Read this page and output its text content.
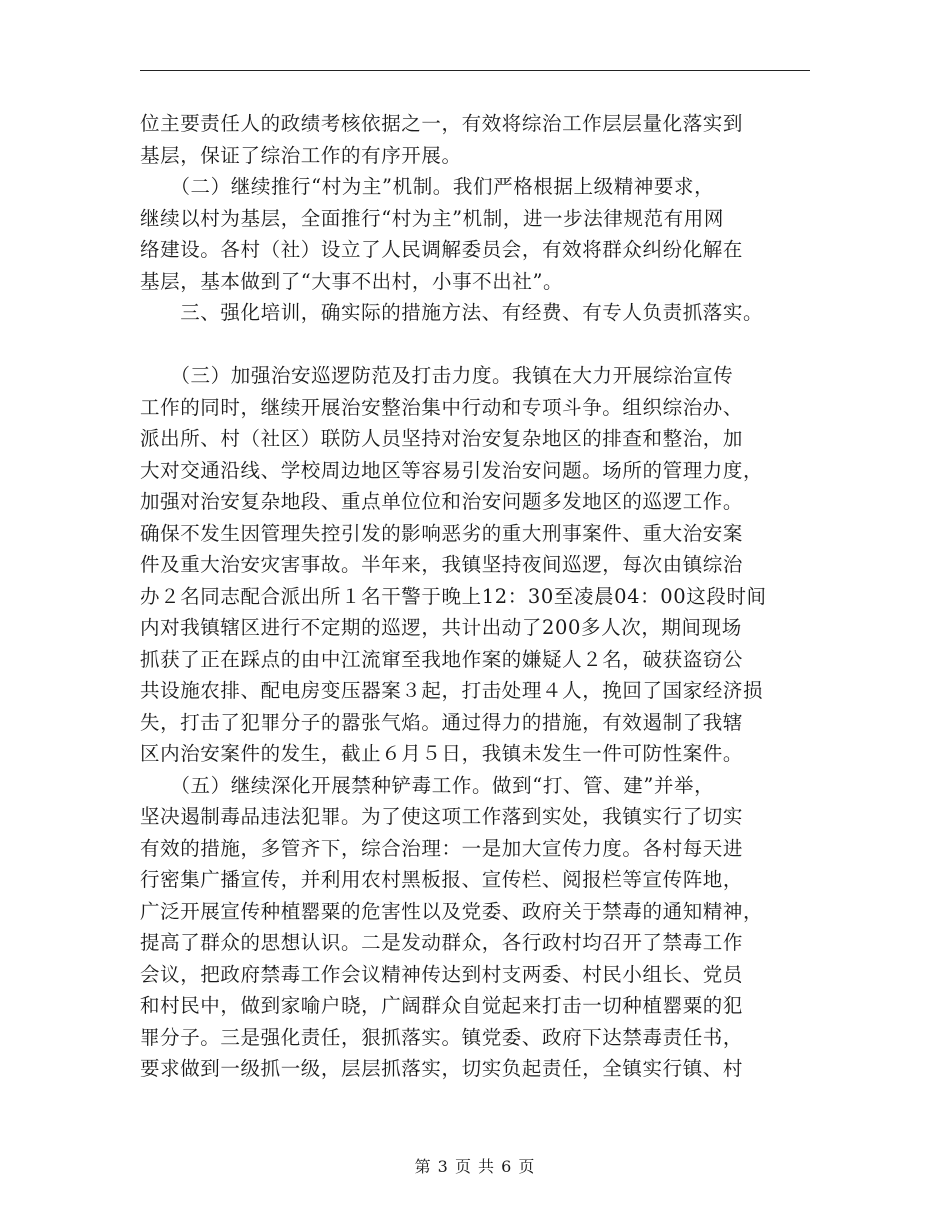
位主要责任人的政绩考核依据之一，有效将综治工作层层量化落实到
基层，保证了综治工作的有序开展。
　　（二）继续推行“村为主”机制。我们严格根据上级精神要求，
继续以村为基层，全面推行“村为主”机制，进一步法律规范有用网
络建设。各村（社）设立了人民调解委员会，有效将群众纠纷化解在
基层，基本做到了“大事不出村，小事不出社”。
　　三、强化培训，确实际的措施方法、有经费、有专人负责抓落实。
　　（三）加强治安巡逻防范及打击力度。我镇在大力开展综治宣传
工作的同时，继续开展治安整治集中行动和专项斗争。组织综治办、
派出所、村（社区）联防人员坚持对治安复杂地区的排查和整治，加
大对交通沿线、学校周边地区等容易引发治安问题。场所的管理力度，
加强对治安复杂地段、重点单位位和治安问题多发地区的巡逻工作。
确保不发生因管理失控引发的影响恶劣的重大刑事案件、重大治安案
件及重大治安灾害事故。半年来，我镇坚持夜间巡逻，每次由镇综治
办２名同志配合派出所１名干警于晚上12：30至凌晨04：00这段时间
内对我镇辖区进行不定期的巡逻，共计出动了200多人次，期间现场
抓获了正在踩点的由中江流窜至我地作案的嫌疑人２名，破获盗窃公
共设施农排、配电房变压器案３起，打击处理４人，挽回了国家经济损
失，打击了犯罪分子的嚣张气焰。通过得力的措施，有效遏制了我辖
区内治安案件的发生，截止６月５日，我镇未发生一件可防性案件。
　　（五）继续深化开展禁种铲毒工作。做到“打、管、建”并举，
坚决遏制毒品违法犯罪。为了使这项工作落到实处，我镇实行了切实
有效的措施，多管齐下，综合治理：一是加大宣传力度。各村每天进
行密集广播宣传，并利用农村黑板报、宣传栏、阅报栏等宣传阵地，
广泛开展宣传种植罂粟的危害性以及党委、政府关于禁毒的通知精神，
提高了群众的思想认识。二是发动群众，各行政村均召开了禁毒工作
会议，把政府禁毒工作会议精神传达到村支两委、村民小组长、党员
和村民中，做到家喻户晓，广阔群众自觉起来打击一切种植罂粟的犯
罪分子。三是强化责任，狠抓落实。镇党委、政府下达禁毒责任书，
要求做到一级抓一级，层层抓落实，切实负起责任，全镇实行镇、村
第 3 页 共 6 页
